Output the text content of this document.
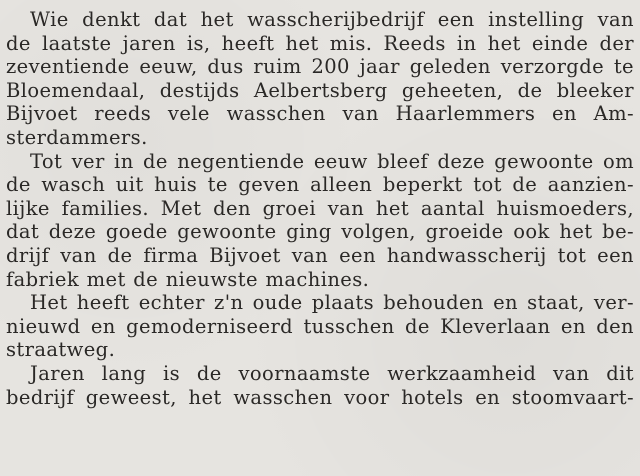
Wie denkt dat het wasscherijbedrijf een instelling van
de laatste jaren is, heeft het mis. Reeds in het einde der
zeventiende eeuw, dus ruim 200 jaar geleden verzorgde te
Bloemendaal, destijds Aelbertsberg geheeten, de bleeker
Bijvoet reeds vele wasschen van Haarlemmers en Am-
sterdammers.
Tot ver in de negentiende eeuw bleef deze gewoonte om
de wasch uit huis te geven alleen beperkt tot de aanzien-
lijke families. Met den groei van het aantal huismoeders,
dat deze goede gewoonte ging volgen, groeide ook het be-
drijf van de firma Bijvoet van een handwasscherij tot een
fabriek met de nieuwste machines.
Het heeft echter z'n oude plaats behouden en staat, ver-
nieuwd en gemoderniseerd tusschen de Kleverlaan en den
straatweg.
Jaren lang is de voornaamste werkzaamheid van dit
bedrijf geweest, het wasschen voor hotels en stoomvaart-
